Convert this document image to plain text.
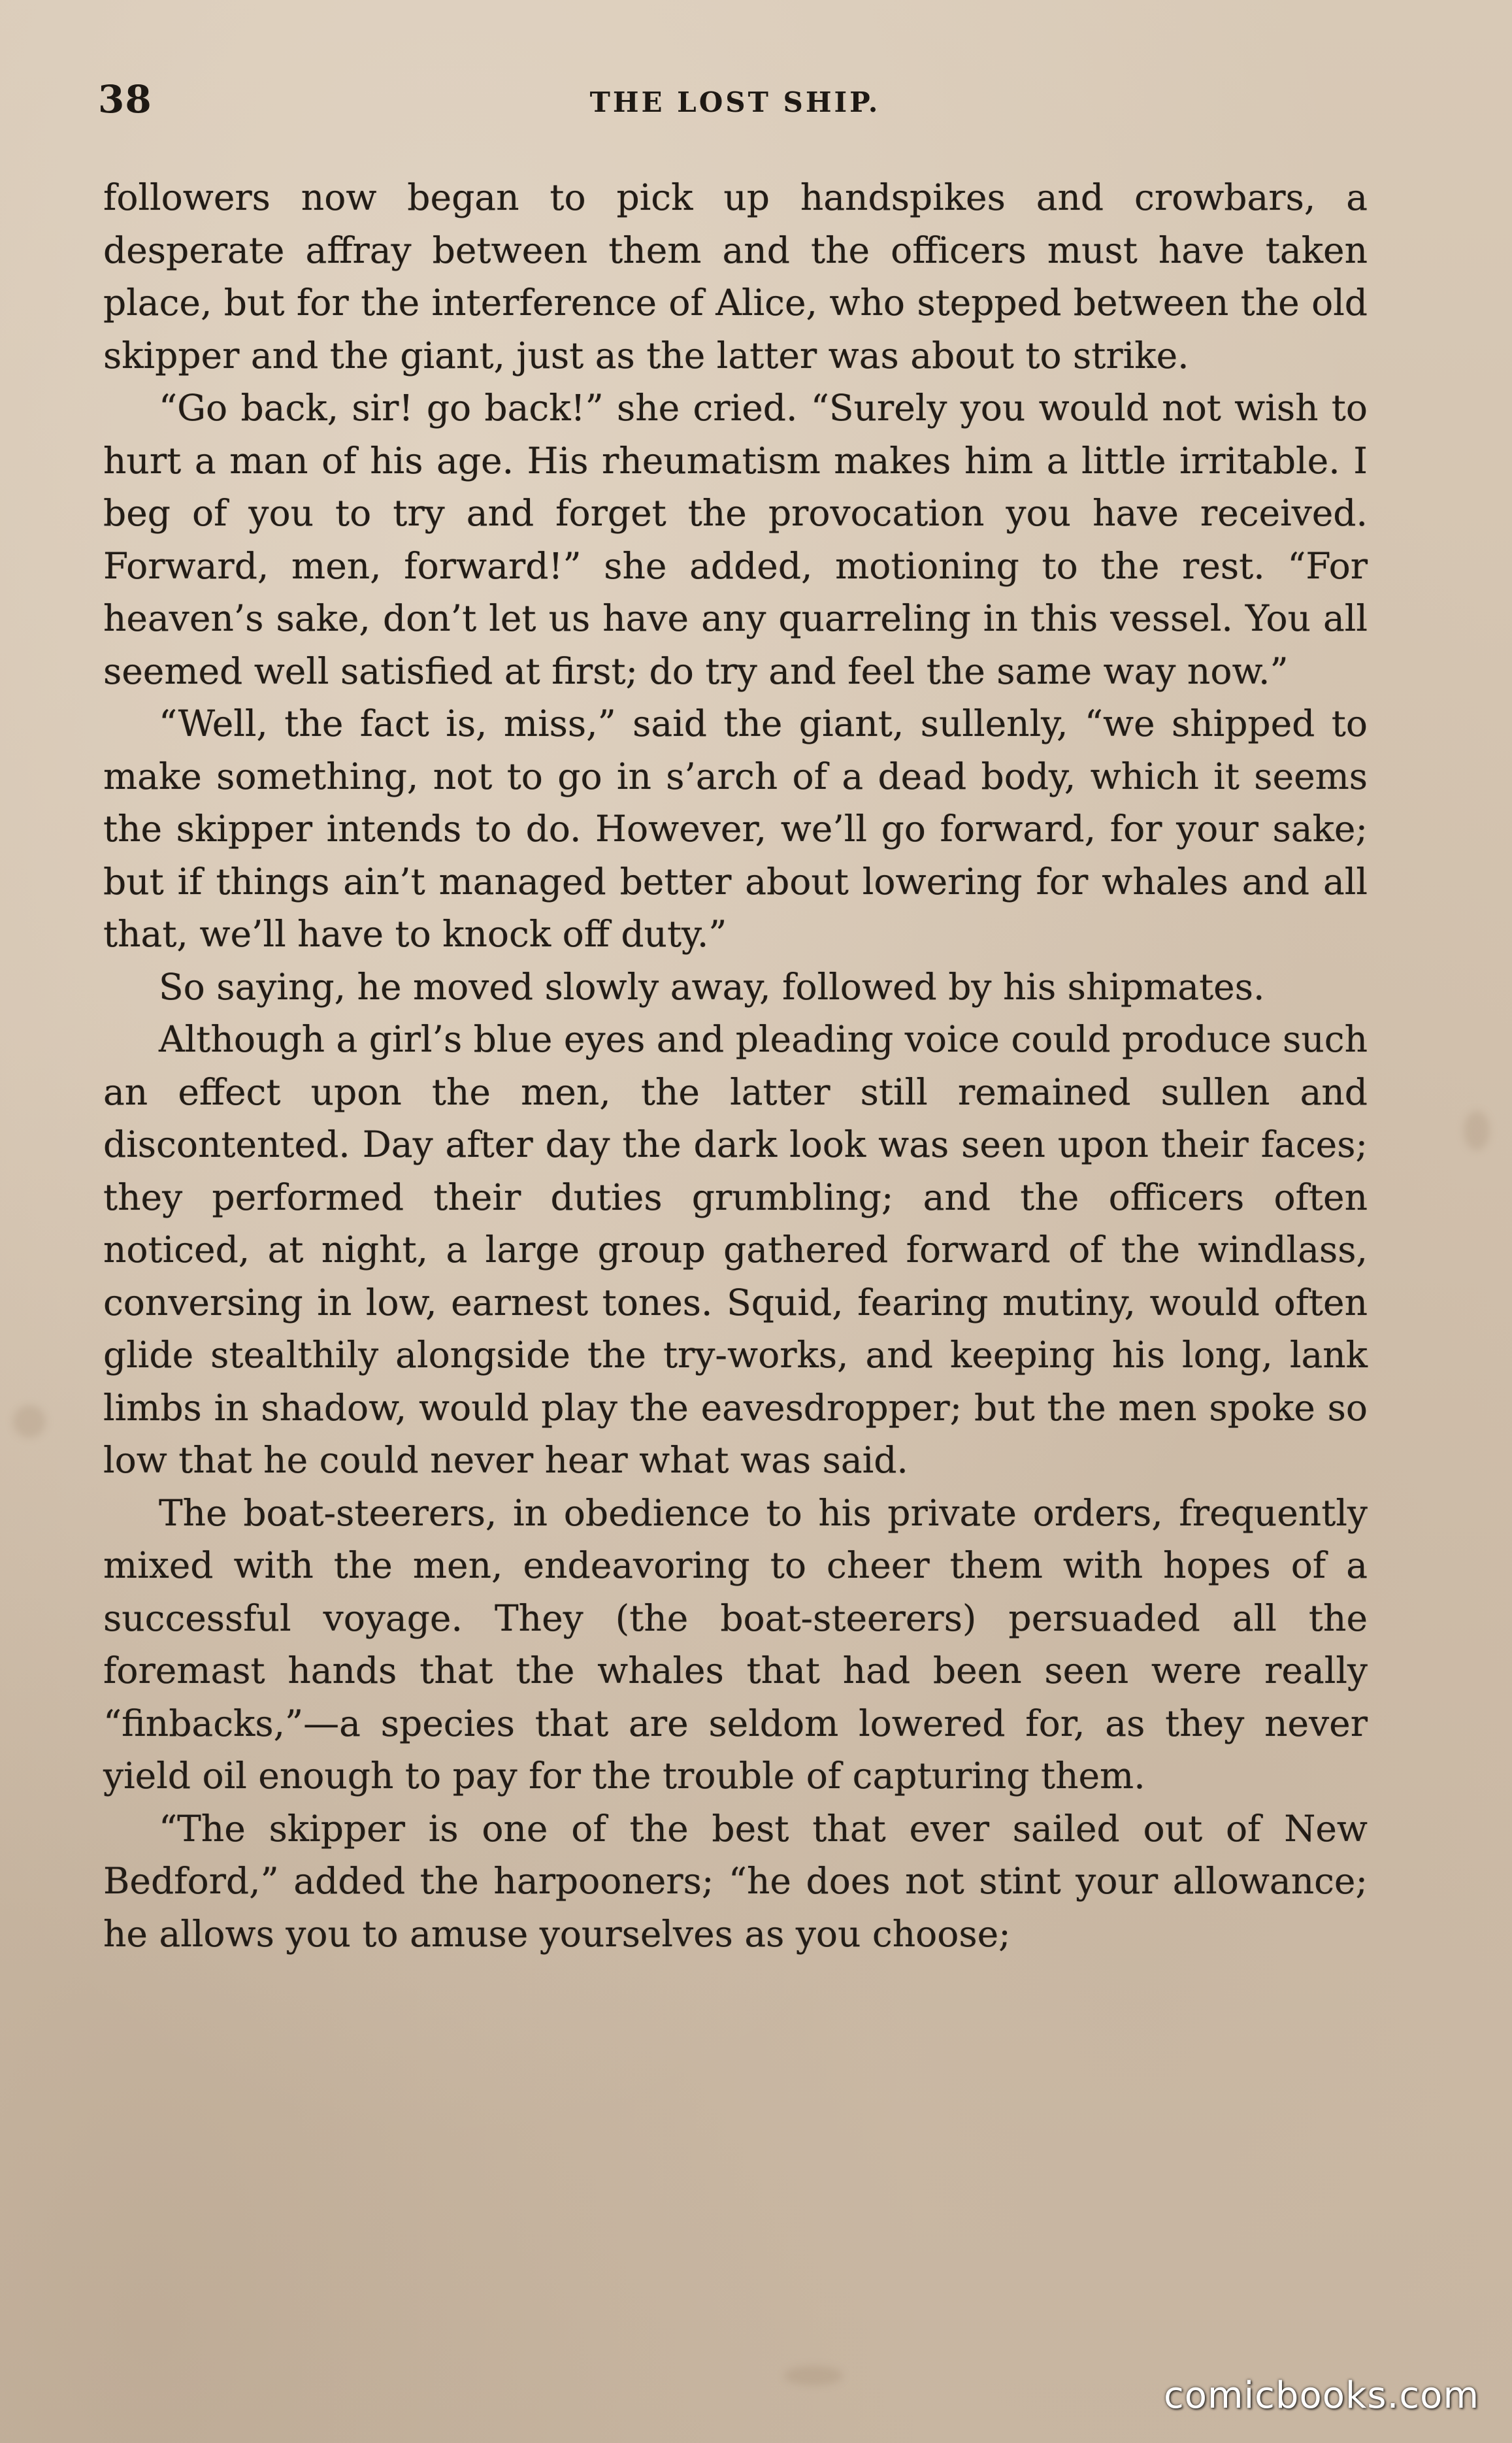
38	THE LOST SHIP.

followers now began to pick up handspikes and crowbars, a desperate affray between them and the officers must have taken place, but for the interference of Alice, who stepped between the old skipper and the giant, just as the latter was about to strike.

“Go back, sir! go back!” she cried. “Surely you would not wish to hurt a man of his age. His rheumatism makes him a little irritable. I beg of you to try and forget the provocation you have received. Forward, men, forward!” she added, motioning to the rest. “For heaven’s sake, don’t let us have any quarreling in this vessel. You all seemed well satisfied at first; do try and feel the same way now.”

“Well, the fact is, miss,” said the giant, sullenly, “we shipped to make something, not to go in s’arch of a dead body, which it seems the skipper intends to do. However, we’ll go forward, for your sake; but if things ain’t managed better about lowering for whales and all that, we’ll have to knock off duty.”

So saying, he moved slowly away, followed by his shipmates.

Although a girl’s blue eyes and pleading voice could produce such an effect upon the men, the latter still remained sullen and discontented. Day after day the dark look was seen upon their faces; they performed their duties grumbling; and the officers often noticed, at night, a large group gathered forward of the windlass, conversing in low, earnest tones. Squid, fearing mutiny, would often glide stealthily alongside the try-works, and keeping his long, lank limbs in shadow, would play the eavesdropper; but the men spoke so low that he could never hear what was said.

The boat-steerers, in obedience to his private orders, frequently mixed with the men, endeavoring to cheer them with hopes of a successful voyage. They (the boat-steerers) persuaded all the foremast hands that the whales that had been seen were really “finbacks,”—a species that are seldom lowered for, as they never yield oil enough to pay for the trouble of capturing them.

“The skipper is one of the best that ever sailed out of New Bedford,” added the harpooners; “he does not stint your allowance; he allows you to amuse yourselves as you choose;

comicbooks.com
